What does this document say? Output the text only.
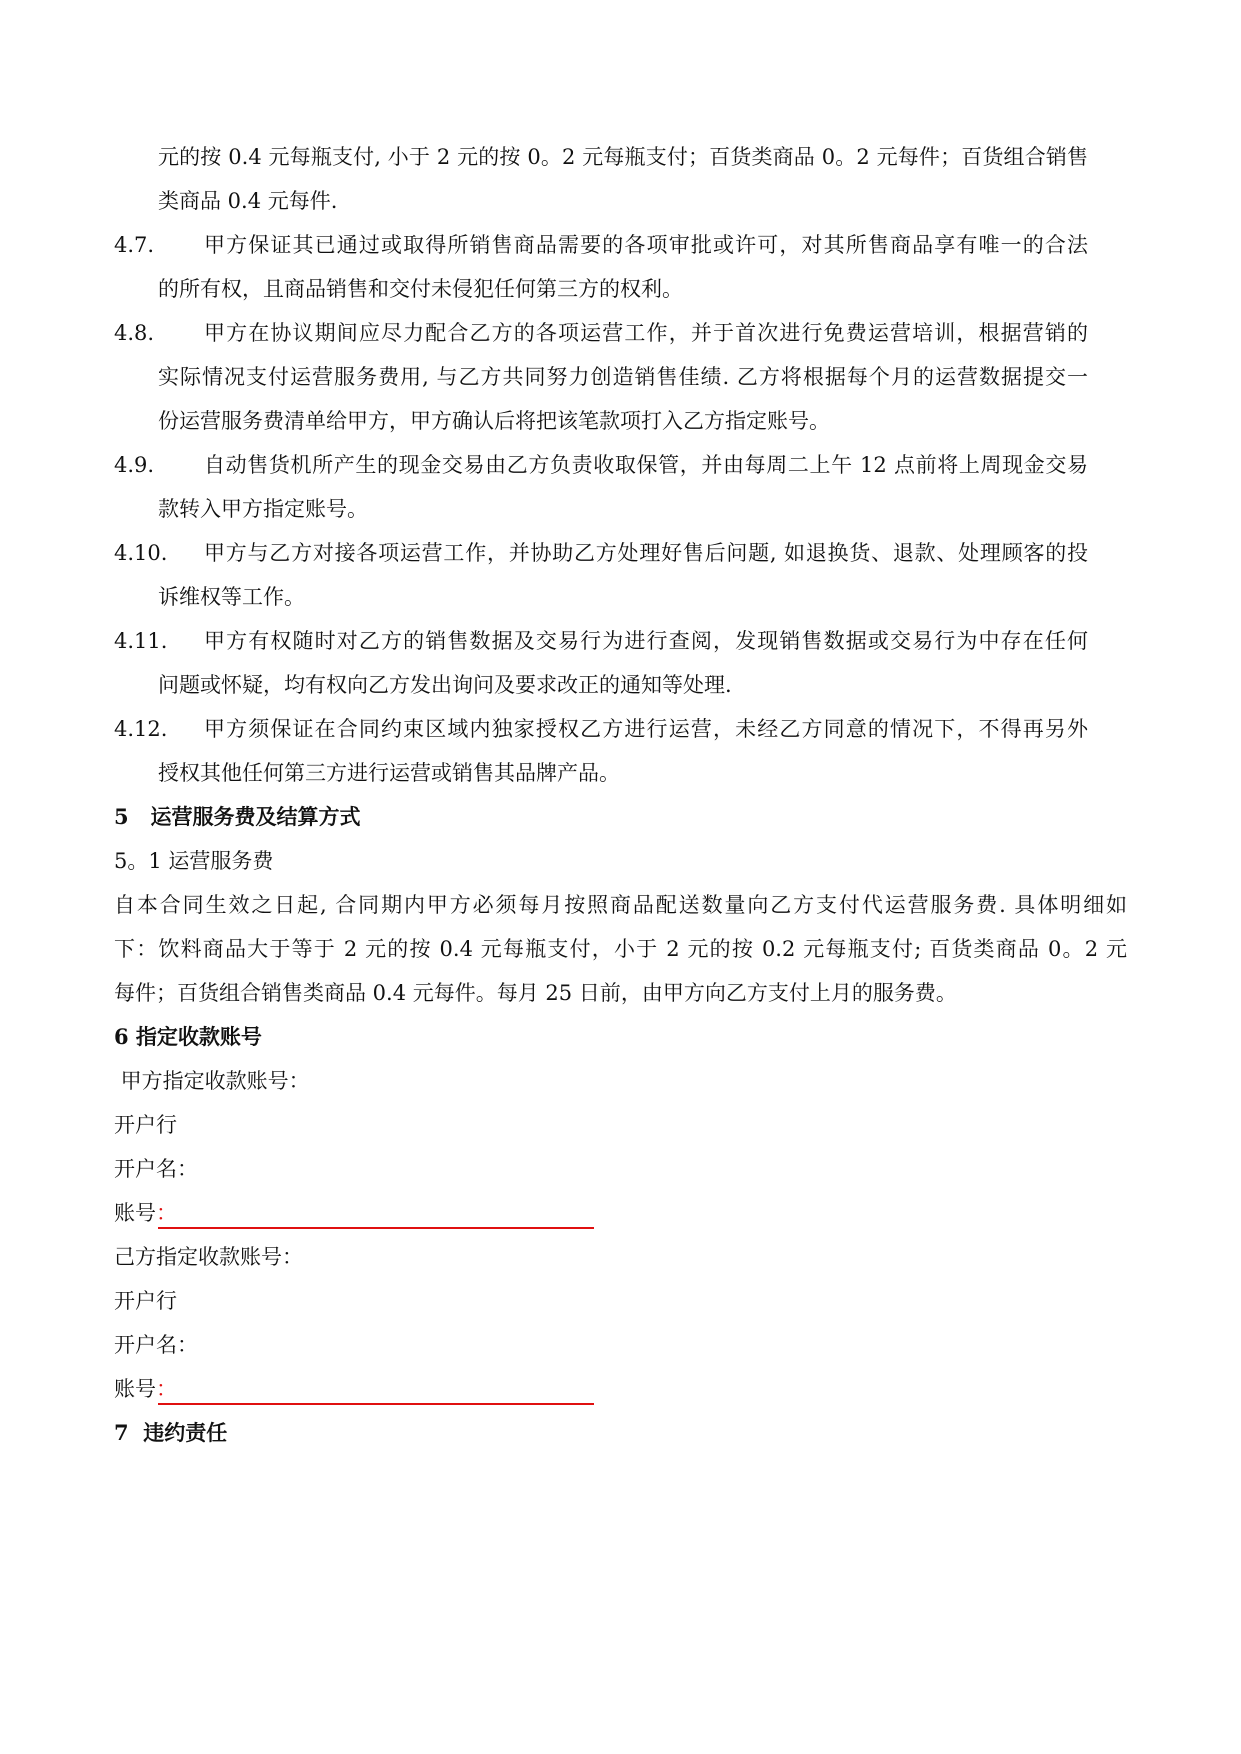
元的按 0.4 元每瓶支付, 小于 2 元的按 0。2 元每瓶支付；百货类商品 0。2 元每件；百货组合销售
类商品 0.4 元每件.
4.7. 甲方保证其已通过或取得所销售商品需要的各项审批或许可，对其所售商品享有唯一的合法
的所有权，且商品销售和交付未侵犯任何第三方的权利。
4.8. 甲方在协议期间应尽力配合乙方的各项运营工作，并于首次进行免费运营培训，根据营销的
实际情况支付运营服务费用, 与乙方共同努力创造销售佳绩. 乙方将根据每个月的运营数据提交一
份运营服务费清单给甲方，甲方确认后将把该笔款项打入乙方指定账号。
4.9. 自动售货机所产生的现金交易由乙方负责收取保管，并由每周二上午 12 点前将上周现金交易
款转入甲方指定账号。
4.10. 甲方与乙方对接各项运营工作，并协助乙方处理好售后问题, 如退换货、退款、处理顾客的投
诉维权等工作。
4.11. 甲方有权随时对乙方的销售数据及交易行为进行查阅，发现销售数据或交易行为中存在任何
问题或怀疑，均有权向乙方发出询问及要求改正的通知等处理.
4.12. 甲方须保证在合同约束区域内独家授权乙方进行运营，未经乙方同意的情况下，不得再另外
授权其他任何第三方进行运营或销售其品牌产品。
5   运营服务费及结算方式
5。1 运营服务费
自本合同生效之日起, 合同期内甲方必须每月按照商品配送数量向乙方支付代运营服务费. 具体明细如
下：饮料商品大于等于 2 元的按 0.4 元每瓶支付，小于 2 元的按 0.2 元每瓶支付; 百货类商品 0。2 元
每件；百货组合销售类商品 0.4 元每件。每月 25 日前，由甲方向乙方支付上月的服务费。
6 指定收款账号
甲方指定收款账号：
开户行
开户名：
账号 ：
己方指定收款账号：
开户行
开户名：
账号 ：
7  违约责任
